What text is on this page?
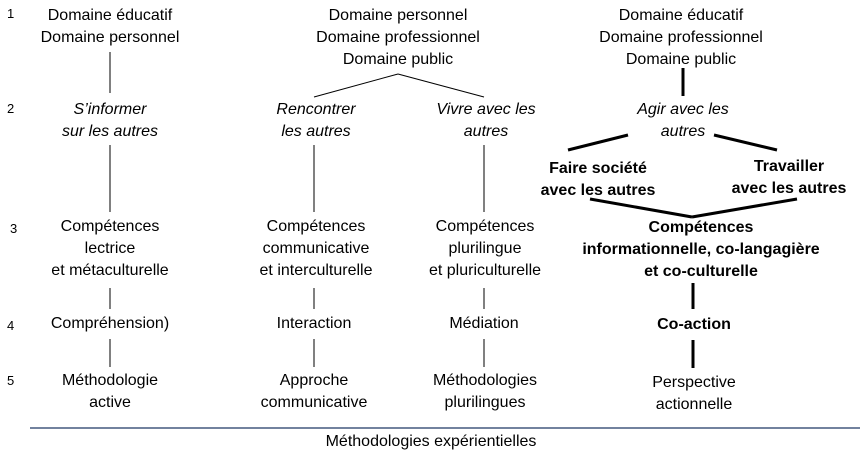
1
2
3
4
5
Domaine éducatif
Domaine personnel
S’informer
sur les autres
Compétences
lectrice
et métaculturelle
Compréhension)
Méthodologie
active
Domaine personnel
Domaine professionnel
Domaine public
Rencontrer
les autres
Compétences
communicative
et interculturelle
Interaction
Approche
communicative
Vivre avec les
autres
Compétences
plurilingue
et pluriculturelle
Médiation
Méthodologies
plurilingues
Domaine éducatif
Domaine professionnel
Domaine public
Agir avec les
autres
Faire société
avec les autres
Travailler
avec les autres
Compétences
informationnelle, co-langagière
et co-culturelle
Co-action
Perspective
actionnelle
Méthodologies expérientielles
